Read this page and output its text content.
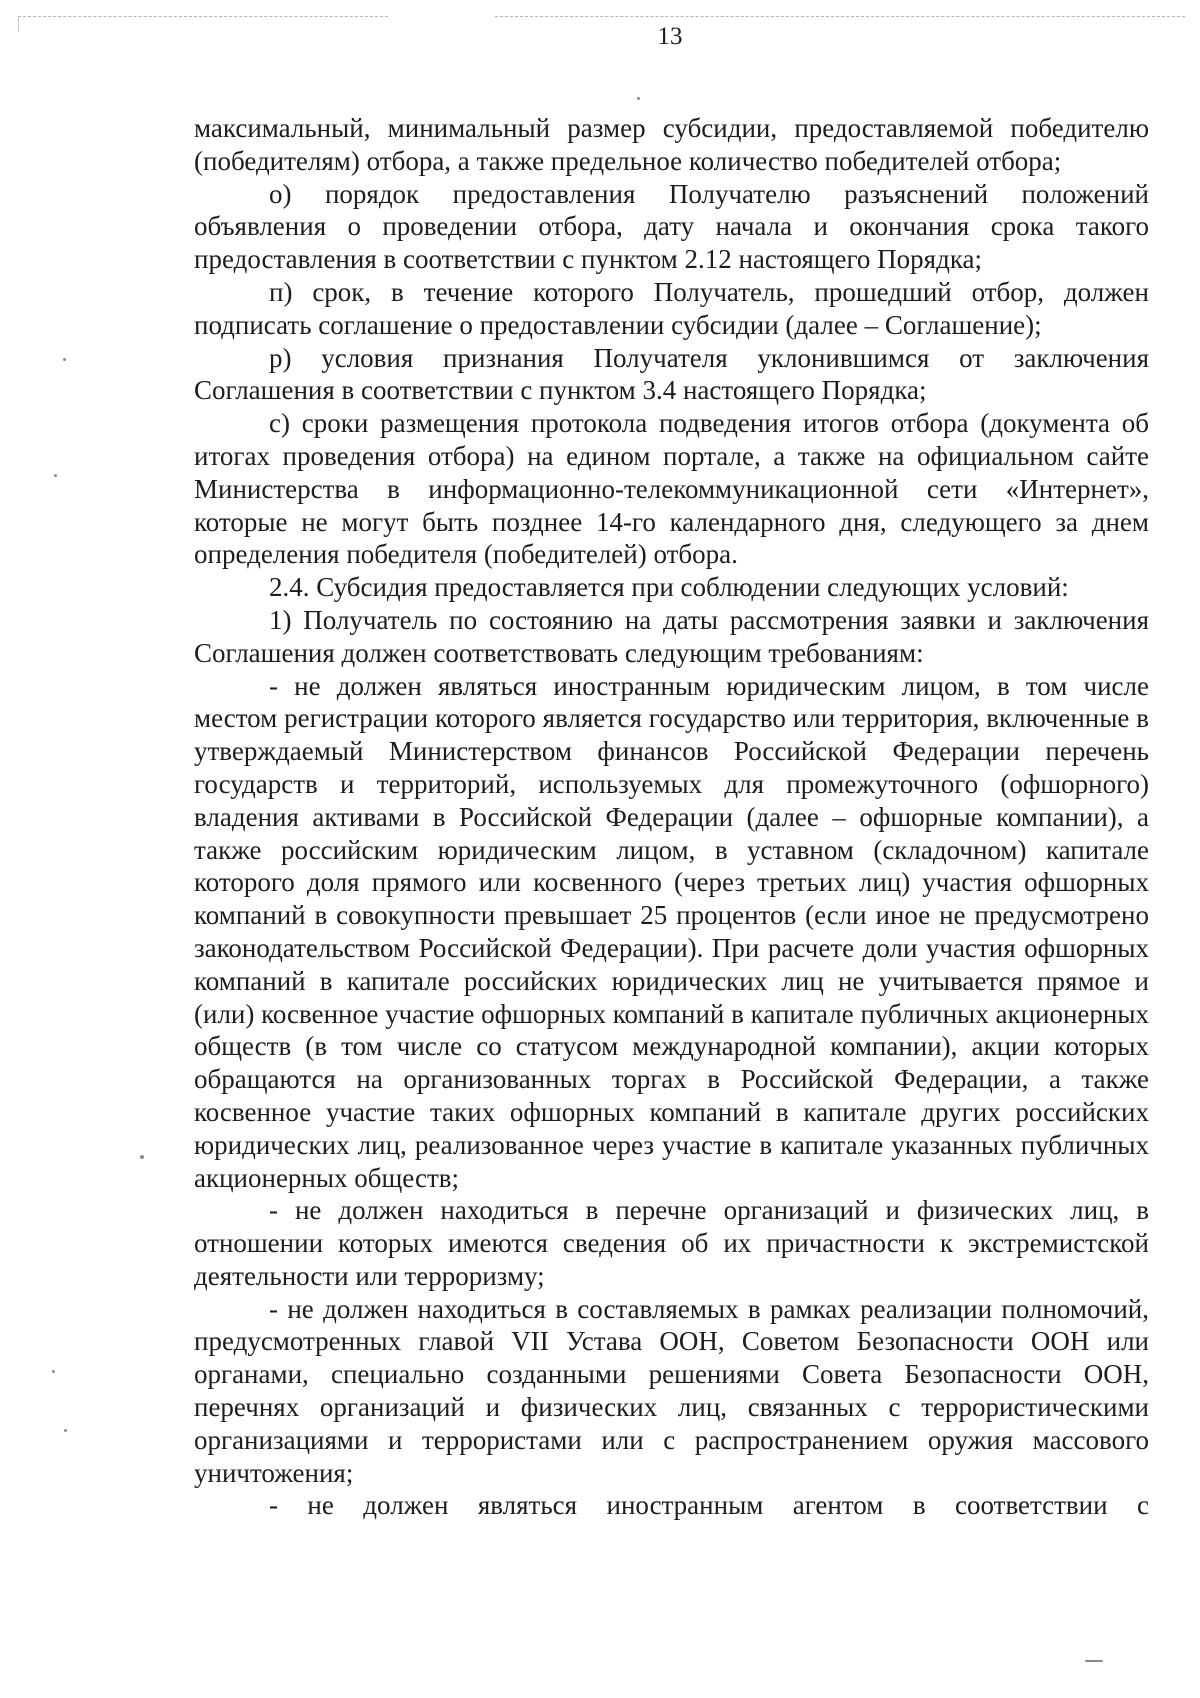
13

максимальный, минимальный размер субсидии, предоставляемой победителю (победителям) отбора, а также предельное количество победителей отбора;

о) порядок предоставления Получателю разъяснений положений объявления о проведении отбора, дату начала и окончания срока такого предоставления в соответствии с пунктом 2.12 настоящего Порядка;

п) срок, в течение которого Получатель, прошедший отбор, должен подписать соглашение о предоставлении субсидии (далее – Соглашение);

р) условия признания Получателя уклонившимся от заключения Соглашения в соответствии с пунктом 3.4 настоящего Порядка;

с) сроки размещения протокола подведения итогов отбора (документа об итогах проведения отбора) на едином портале, а также на официальном сайте Министерства в информационно-телекоммуникационной сети «Интернет», которые не могут быть позднее 14-го календарного дня, следующего за днем определения победителя (победителей) отбора.

2.4. Субсидия предоставляется при соблюдении следующих условий:

1) Получатель по состоянию на даты рассмотрения заявки и заключения Соглашения должен соответствовать следующим требованиям:

- не должен являться иностранным юридическим лицом, в том числе местом регистрации которого является государство или территория, включенные в утверждаемый Министерством финансов Российской Федерации перечень государств и территорий, используемых для промежуточного (офшорного) владения активами в Российской Федерации (далее – офшорные компании), а также российским юридическим лицом, в уставном (складочном) капитале которого доля прямого или косвенного (через третьих лиц) участия офшорных компаний в совокупности превышает 25 процентов (если иное не предусмотрено законодательством Российской Федерации). При расчете доли участия офшорных компаний в капитале российских юридических лиц не учитывается прямое и (или) косвенное участие офшорных компаний в капитале публичных акционерных обществ (в том числе со статусом международной компании), акции которых обращаются на организованных торгах в Российской Федерации, а также косвенное участие таких офшорных компаний в капитале других российских юридических лиц, реализованное через участие в капитале указанных публичных акционерных обществ;

- не должен находиться в перечне организаций и физических лиц, в отношении которых имеются сведения об их причастности к экстремистской деятельности или терроризму;

- не должен находиться в составляемых в рамках реализации полномочий, предусмотренных главой VII Устава ООН, Советом Безопасности ООН или органами, специально созданными решениями Совета Безопасности ООН, перечнях организаций и физических лиц, связанных с террористическими организациями и террористами или с распространением оружия массового уничтожения;

- не должен являться иностранным агентом в соответствии с
